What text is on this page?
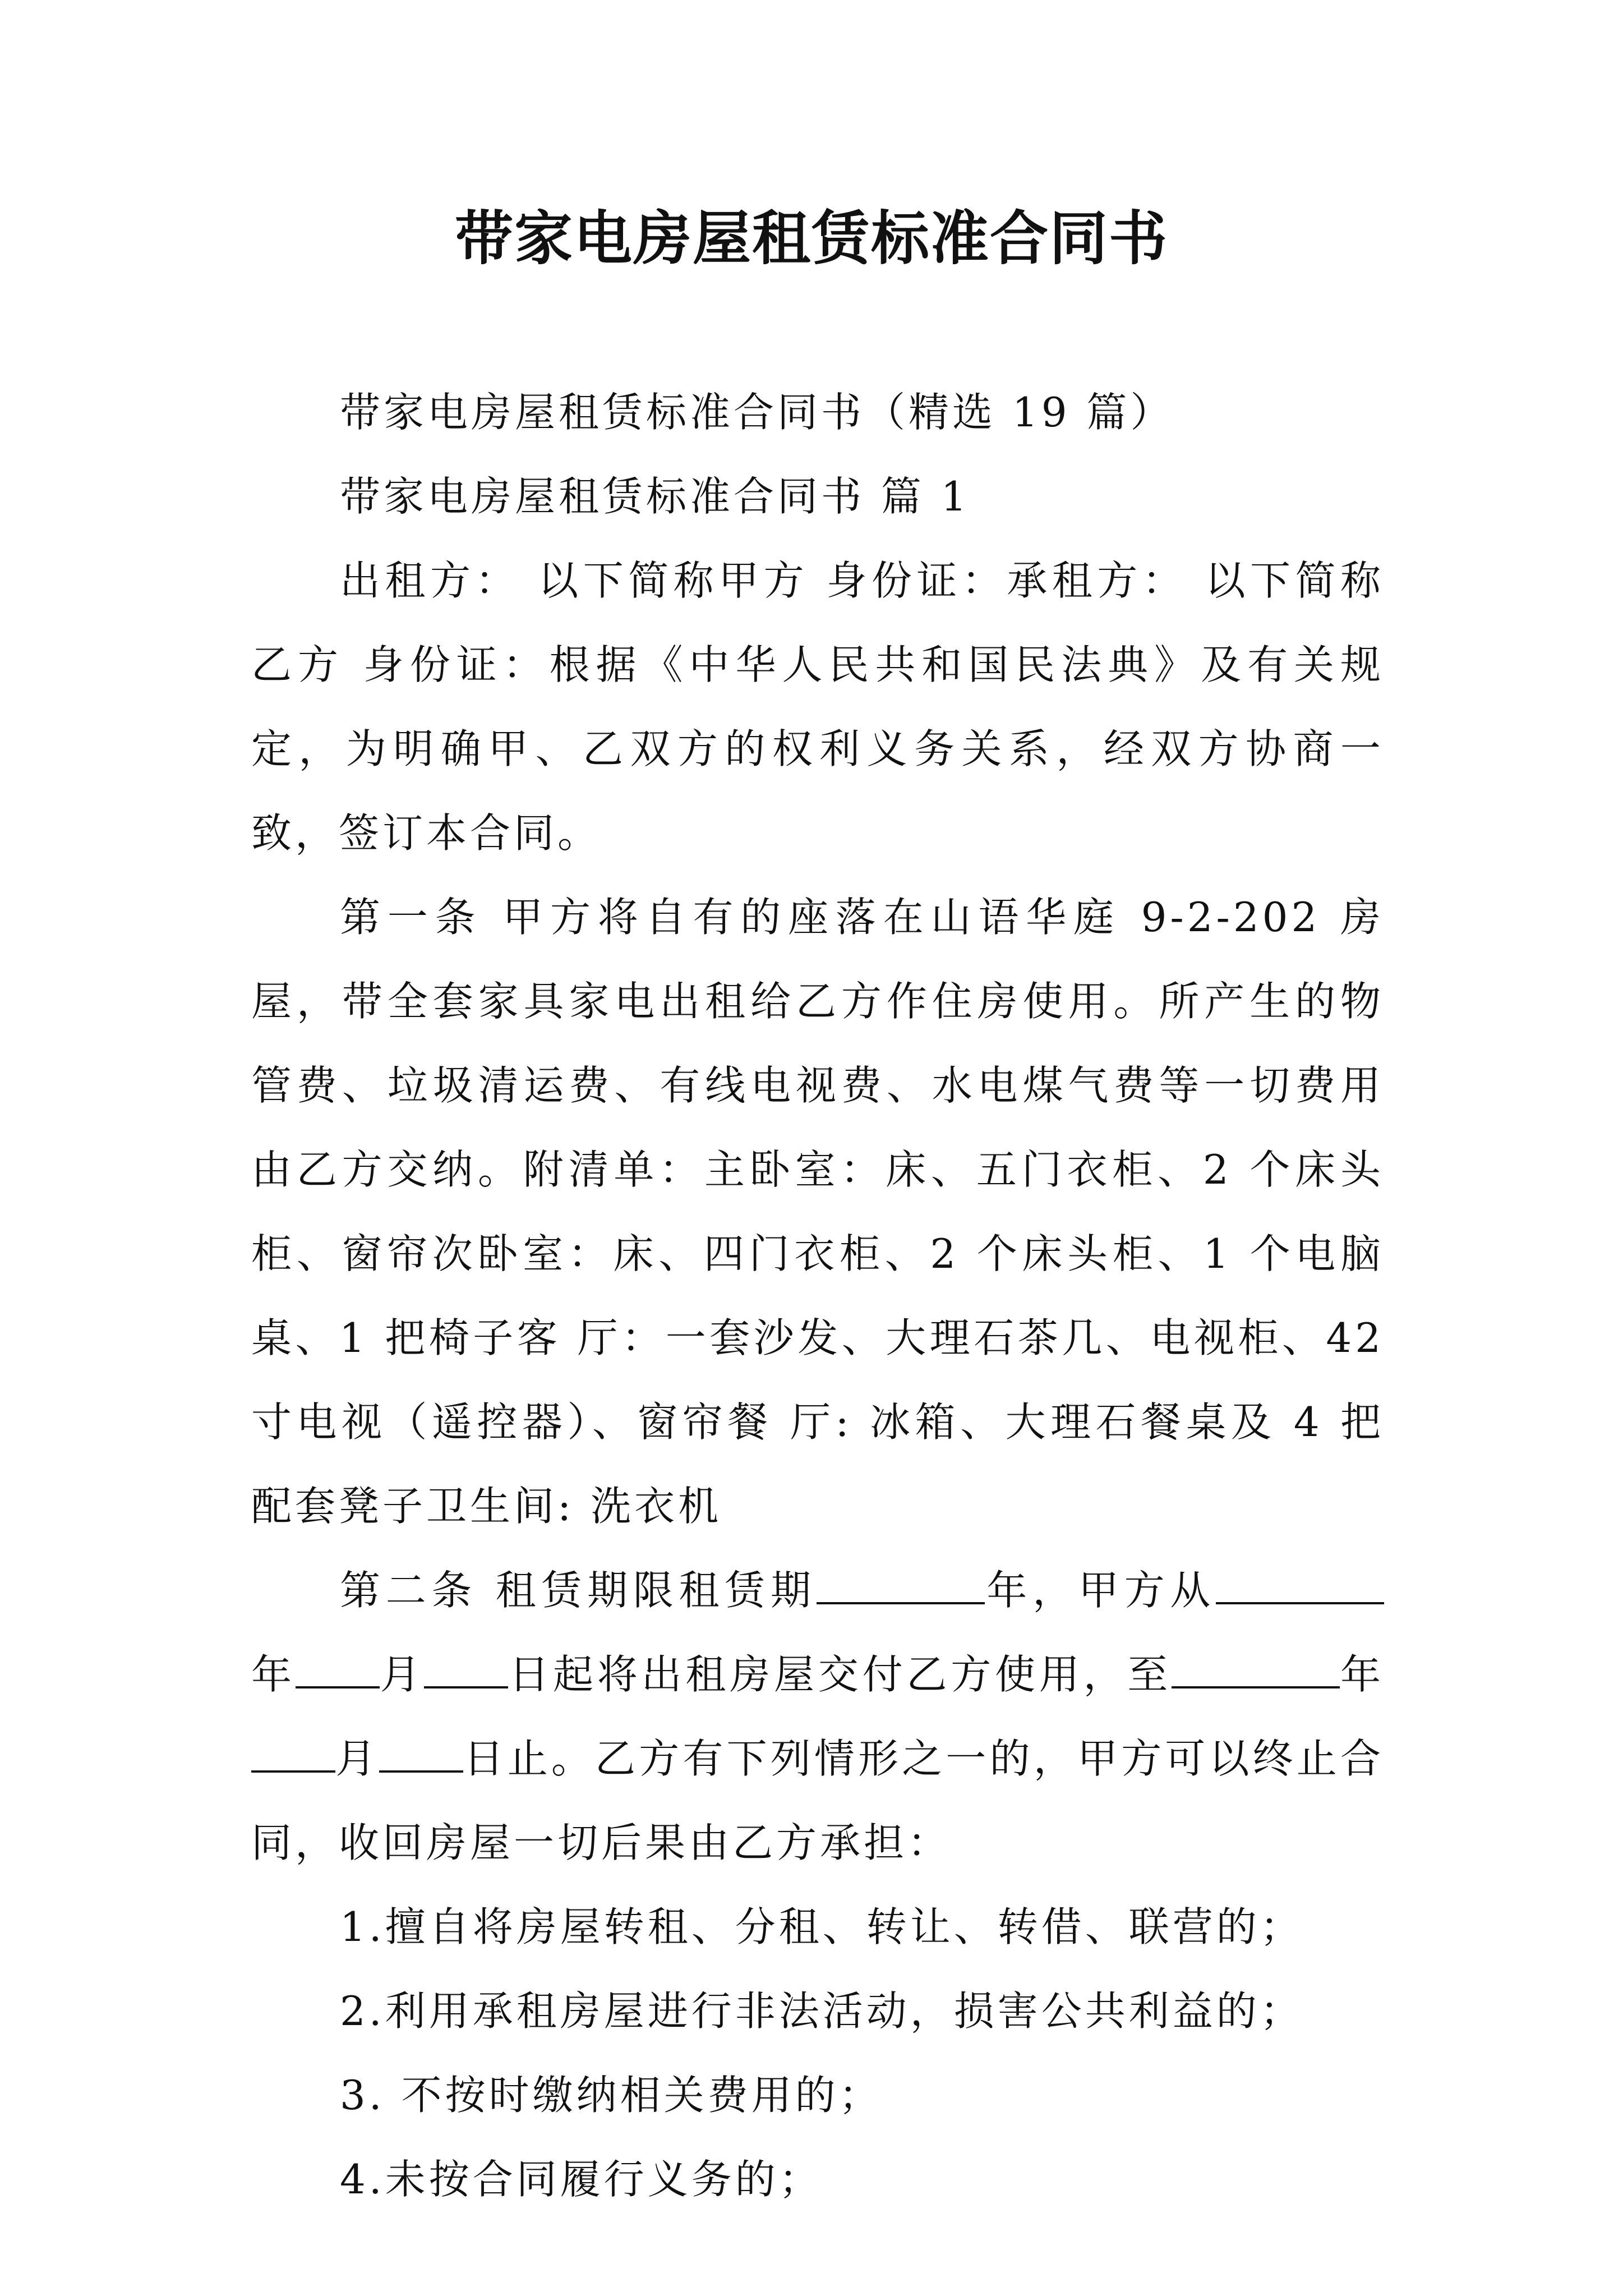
带家电房屋租赁标准合同书

带家电房屋租赁标准合同书（精选 19 篇）

带家电房屋租赁标准合同书 篇 1

出租方： 以下简称甲方 身份证：承租方： 以下简称乙方 身份证：根据《中华人民共和国民法典》及有关规定，为明确甲、乙双方的权利义务关系，经双方协商一致，签订本合同。

第一条 甲方将自有的座落在山语华庭 9-2-202 房屋，带全套家具家电出租给乙方作住房使用。所产生的物管费、垃圾清运费、有线电视费、水电煤气费等一切费用由乙方交纳。附清单：主卧室：床、五门衣柜、2 个床头柜、窗帘次卧室：床、四门衣柜、2 个床头柜、1 个电脑桌、1 把椅子客 厅：一套沙发、大理石茶几、电视柜、42 寸电视（遥控器）、窗帘餐 厅: 冰箱、大理石餐桌及 4 把配套凳子卫生间: 洗衣机

第二条 租赁期限租赁期	年，甲方从年 月 日起将出租房屋交付乙方使用，至	年月 日止。乙方有下列情形之一的，甲方可以终止合同，收回房屋一切后果由乙方承担：

1.擅自将房屋转租、分租、转让、转借、联营的；

2.利用承租房屋进行非法活动，损害公共利益的；

3. 不按时缴纳相关费用的；

4.未按合同履行义务的；
